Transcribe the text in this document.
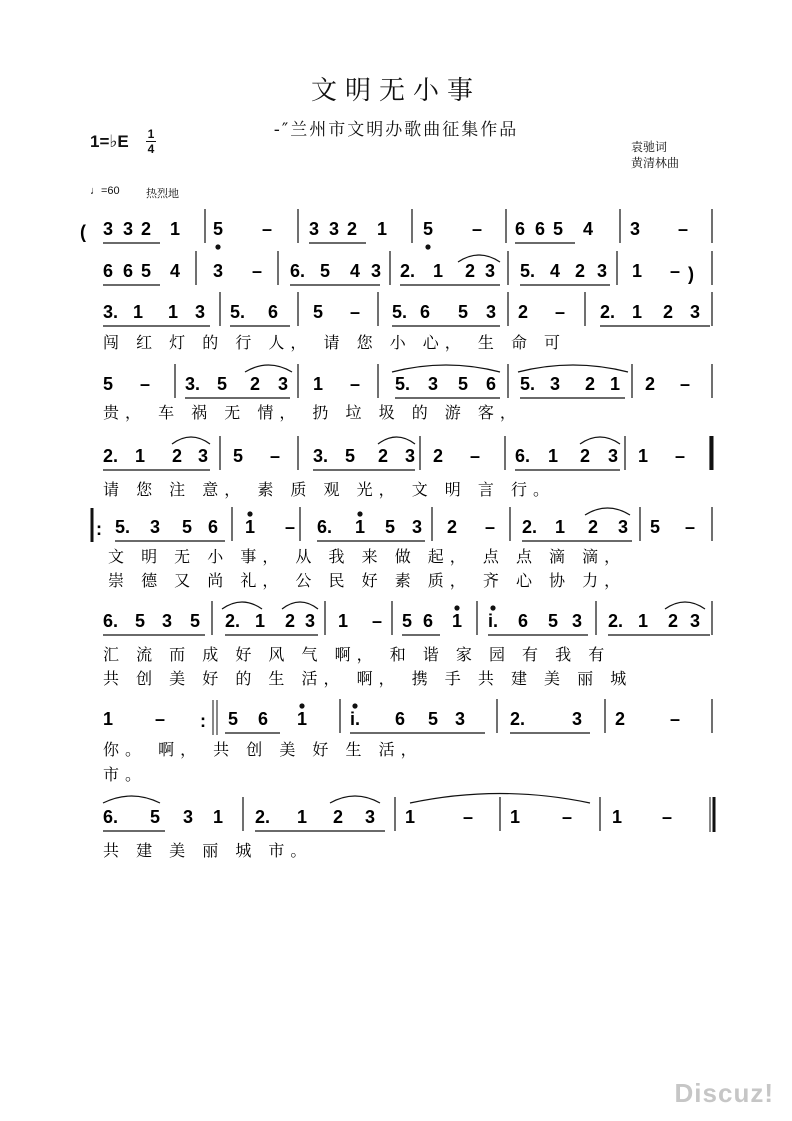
文明无小事
-″兰州市文明办歌曲征集作品
1=♭E 1
4	袁驰词
黄清林曲
♩=60 热烈地
( 3 3 2 1 5 – 3 3 2 1 5 – 6 6 5 4 3 –
6 6 5 4 3 – 6. 5 4 3 2. 1 2 3 5. 4 2 3 1 – )
3. 1 1 3 5. 6 5 – 5. 6 5 3 2 – 2. 1 2 3
闯 红 灯 的 行 人， 请 您 小 心， 生 命 可
5 – 3. 5 2 3 1 – 5. 3 5 6 5. 3 2 1 2 –
贵， 车 祸 无 情， 扔 垃 圾 的 游 客，
2. 1 2 3 5 – 3. 5 2 3 2 – 6. 1 2 3 1 –
请 您 注 意， 素 质 观 光， 文 明 言 行。
: 5. 3 5 6 1 – 6. 1 5 3 2 – 2. 1 2 3 5 –
文 明 无 小 事， 从 我 来 做 起， 点 点 滴 滴，
崇 德 又 尚 礼， 公 民 好 素 质， 齐 心 协 力，
6. 5 3 5 2. 1 2 3 1 – 5 6 1 i. 6 5 3 2. 1 2 3
汇 流 而 成 好 风 气 啊， 和 谐 家 园 有 我 有
共 创 美 好 的 生 活， 啊， 携 手 共 建 美 丽 城
1 –	5 6 1 i. 6 5 3 2.	3 2 –
:
你。 啊， 共 创 美 好 生 活，
市。
6. 5 3 1 2. 1 2 3 1	– 1 – 1 –
共 建 美 丽 城 市。
Discuz!
